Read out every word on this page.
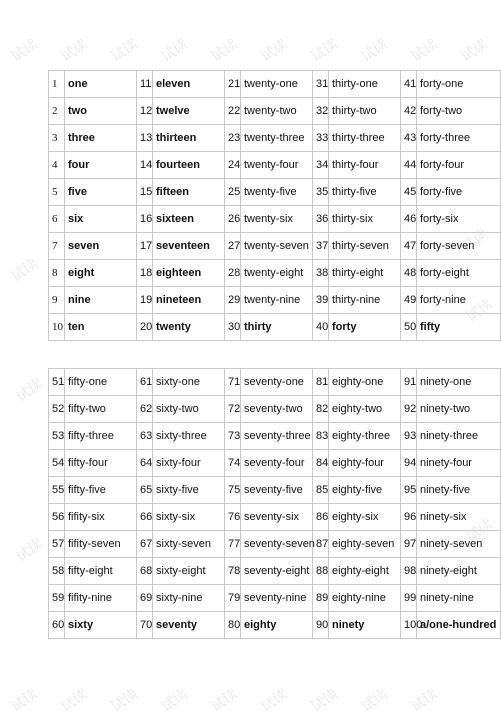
试读 试读 试读 试读 试读 试读 试读 试读 试读 试读
试读 试读 试读 试读 试读 试读 试读 试读 试读
试读
试读
试读
试读
试读
试读
1	one	11	eleven	21	twenty-one	31	thirty-one	41	forty-one
2	two	12	twelve	22	twenty-two	32	thirty-two	42	forty-two
3	three	13	thirteen	23	twenty-three	33	thirty-three	43	forty-three
4	four	14	fourteen	24	twenty-four	34	thirty-four	44	forty-four
5	five	15	fifteen	25	twenty-five	35	thirty-five	45	forty-five
6	six	16	sixteen	26	twenty-six	36	thirty-six	46	forty-six
7	seven	17	seventeen	27	twenty-seven	37	thirty-seven	47	forty-seven
8	eight	18	eighteen	28	twenty-eight	38	thirty-eight	48	forty-eight
9	nine	19	nineteen	29	twenty-nine	39	thirty-nine	49	forty-nine
10	ten	20	twenty	30	thirty	40	forty	50	fifty
51	fifty-one	61	sixty-one	71	seventy-one	81	eighty-one	91	ninety-one
52	fifty-two	62	sixty-two	72	seventy-two	82	eighty-two	92	ninety-two
53	fifty-three	63	sixty-three	73	seventy-three	83	eighty-three	93	ninety-three
54	fifty-four	64	sixty-four	74	seventy-four	84	eighty-four	94	ninety-four
55	fifty-five	65	sixty-five	75	seventy-five	85	eighty-five	95	ninety-five
56	fifity-six	66	sixty-six	76	seventy-six	86	eighty-six	96	ninety-six
57	fifity-seven	67	sixty-seven	77	seventy-seven	87	eighty-seven	97	ninety-seven
58	fifty-eight	68	sixty-eight	78	seventy-eight	88	eighty-eight	98	ninety-eight
59	fifity-nine	69	sixty-nine	79	seventy-nine	89	eighty-nine	99	ninety-nine
60	sixty	70	seventy	80	eighty	90	ninety	100	a/one-hundred
